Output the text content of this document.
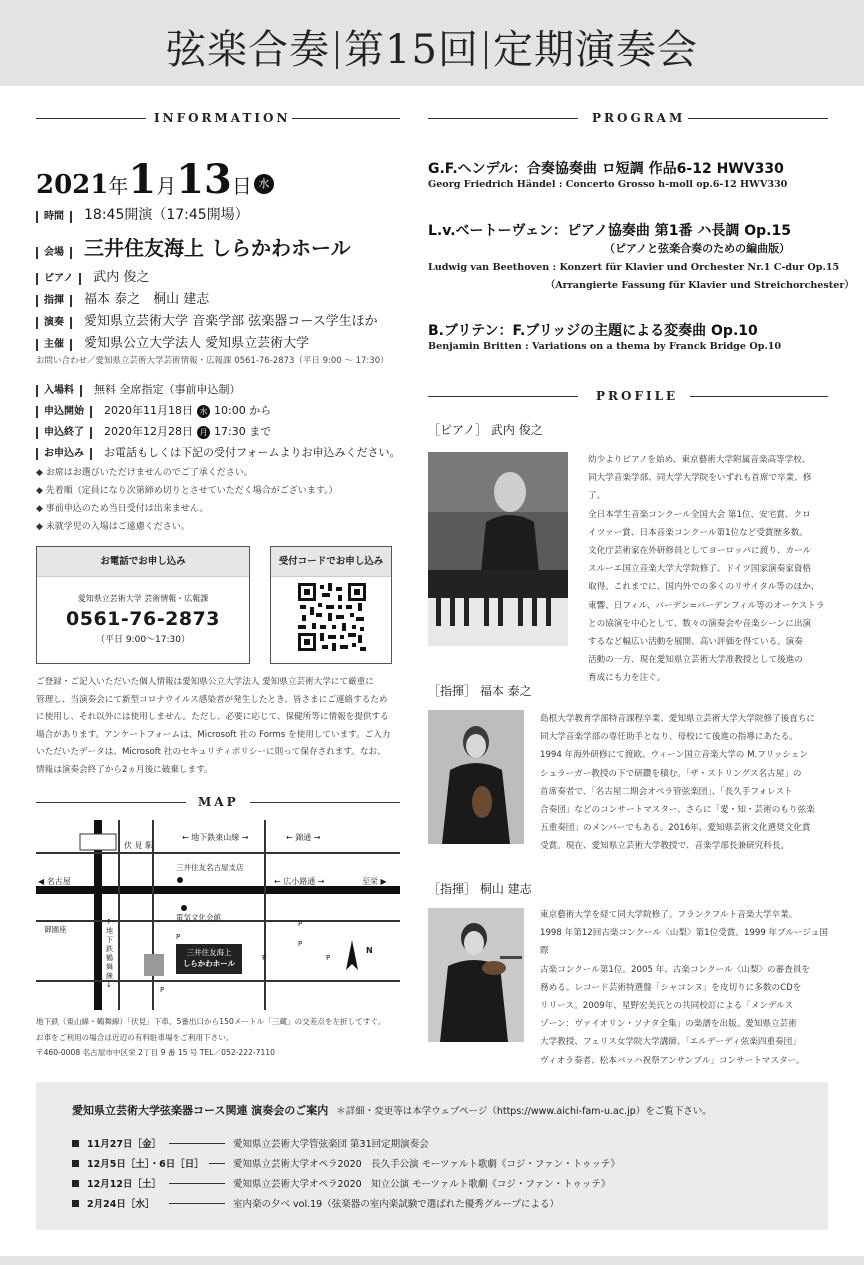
弦楽合奏 第15回 定期演奏会
INFORMATION
2021年1月13日 水
時間 18:45開演（17:45開場）
会場 三井住友海上 しらかわホール
ピアノ 武内 俊之
指揮 福本 泰之　桐山 建志
演奏 愛知県立芸術大学 音楽学部 弦楽器コース学生ほか
主催 愛知県公立大学法人 愛知県立芸術大学
お問い合わせ／愛知県立芸術大学芸術情報・広報課 0561-76-2873（平日 9:00 〜 17:30）
入場料 無料 全席指定（事前申込制）
申込開始 2020年11月18日 水 10:00 から
申込終了 2020年12月28日 月 17:30 まで
お申込み お電話もしくは下記の受付フォームよりお申込みください。
◆ お席はお選びいただけませんのでご了承ください。
◆ 先着順（定員になり次第締め切りとさせていただく場合がございます。）
◆ 事前申込のため当日受付は出来ません。
◆ 未就学児の入場はご遠慮ください。
お電話でお申し込み
愛知県立芸術大学 芸術情報・広報課
0561-76-2873
（平日 9:00〜17:30）
受付コードでお申し込み
ご登録・ご記入いただいた個人情報は愛知県公立大学法人 愛知県立芸術大学にて厳重に
管理し、当演奏会にて新型コロナウイルス感染者が発生したとき、皆さまにご連絡するため
に使用し、それ以外には使用しません。ただし、必要に応じて、保健所等に情報を提供する
場合があります。アンケートフォームは、Microsoft 社の Forms を使用しています。ご入力
いただいたデータは、Microsoft 社のセキュリティポリシーに則って保存されます。なお、
情報は演奏会終了から2ヵ月後に破棄します。
MAP
伏 見 駅
← 地下鉄東山線 →	← 錦通 →
三井住友名古屋支店
← 広小路通 →
◀ 名古屋	至栄 ▶
電気文化会館
御園座
↑ 地下鉄鶴舞線 ↓
三井住友海上
しらかわホール
P
P
P	P
P
P
N
地下鉄（東山線・鶴舞線）「伏見」下車、5番出口から150メートル「三蔵」の交差点を左折してすぐ。
お車をご利用の場合は近辺の有料駐車場をご利用下さい。
〒460-0008 名古屋市中区栄 2丁目 9 番 15 号 TEL／052-222-7110
PROGRAM
G.F.ヘンデル：合奏協奏曲 ロ短調 作品6-12 HWV330
Georg Friedrich Händel : Concerto Grosso h-moll op.6-12 HWV330
L.v.ベートーヴェン：ピアノ協奏曲 第1番 ハ長調 Op.15
（ピアノと弦楽合奏のための編曲版）
Ludwig van Beethoven : Konzert für Klavier und Orchester Nr.1 C-dur Op.15
（Arrangierte Fassung für Klavier und Streichorchester）
B.ブリテン：F.ブリッジの主題による変奏曲 Op.10
Benjamin Britten : Variations on a thema by Franck Bridge Op.10
PROFILE
［ピアノ］ 武内 俊之
幼少よりピアノを始め、東京藝術大学附属音楽高等学校、
同大学音楽学部、同大学大学院をいずれも首席で卒業、修了。
全日本学生音楽コンクール全国大会 第1位、安宅賞、クロ
イツァー賞、日本音楽コンクール第1位など受賞歴多数。
文化庁芸術家在外研修員としてヨーロッパに渡り、カール
スルーエ国立音楽大学大学院修了、ドイツ国家演奏家資格
取得。これまでに、国内外での多くのリサイタル等のほか、
東響、日フィル、バーデン=バーデンフィル等のオーケストラ
との協演を中心として、数々の演奏会や音楽シーンに出演
するなど幅広い活動を展開、高い評価を得ている。演奏
活動の一方、現在愛知県立芸術大学准教授として後進の
育成にも力を注ぐ。
［指揮］ 福本 泰之
島根大学教育学部特音課程卒業、愛知県立芸術大学大学院修了後直ちに
同大学音楽学部の専任助手となり、母校にて後進の指導にあたる。
1994 年海外研修にて渡欧。ウィーン国立音楽大学の M.フリッシェン
シュラーガー教授の下で研鑽を積む。「ザ・ストリングス名古屋」の
首席奏者で、「名古屋二期会オペラ管弦楽団」、「長久手フォレスト
合奏団」などのコンサートマスター、さらに「愛・知・芸術のもり弦楽
五重奏団」のメンバーでもある。2016年、愛知県芸術文化選奨文化賞
受賞。現在、愛知県立芸術大学教授で、音楽学部長兼研究科長。
［指揮］ 桐山 建志
東京藝術大学を経て同大学院修了。フランクフルト音楽大学卒業。
1998 年第12回古楽コンクール〈山梨〉第1位受賞。1999 年ブルージュ国際
古楽コンクール第1位。2005 年、古楽コンクール〈山梨〉の審査員を
務める。レコード芸術特選盤「シャコンヌ」を皮切りに多数のCDを
リリース。2009年、星野宏美氏との共同校訂による「メンデルス
ゾーン：ヴァイオリン・ソナタ全集」の楽譜を出版。愛知県立芸術
大学教授、フェリス女学院大学講師、「エルデーディ弦楽四重奏団」
ヴィオラ奏者、松本バッハ祝祭アンサンブル」コンサートマスター。
愛知県立芸術大学弦楽器コース関連 演奏会のご案内 ＊詳細・変更等は本学ウェブページ（https://www.aichi-fam-u.ac.jp）をご覧下さい。
11月27日［金］	愛知県立芸術大学管弦楽団 第31回定期演奏会
12月5日［土］・6日［日］	愛知県立芸術大学オペラ2020　長久手公演 モーツァルト歌劇《コジ・ファン・トゥッテ》
12月12日［土］	愛知県立芸術大学オペラ2020　知立公演 モーツァルト歌劇《コジ・ファン・トゥッテ》
2月24日［水］	室内楽の夕べ vol.19（弦楽器の室内楽試験で選ばれた優秀グループによる）
